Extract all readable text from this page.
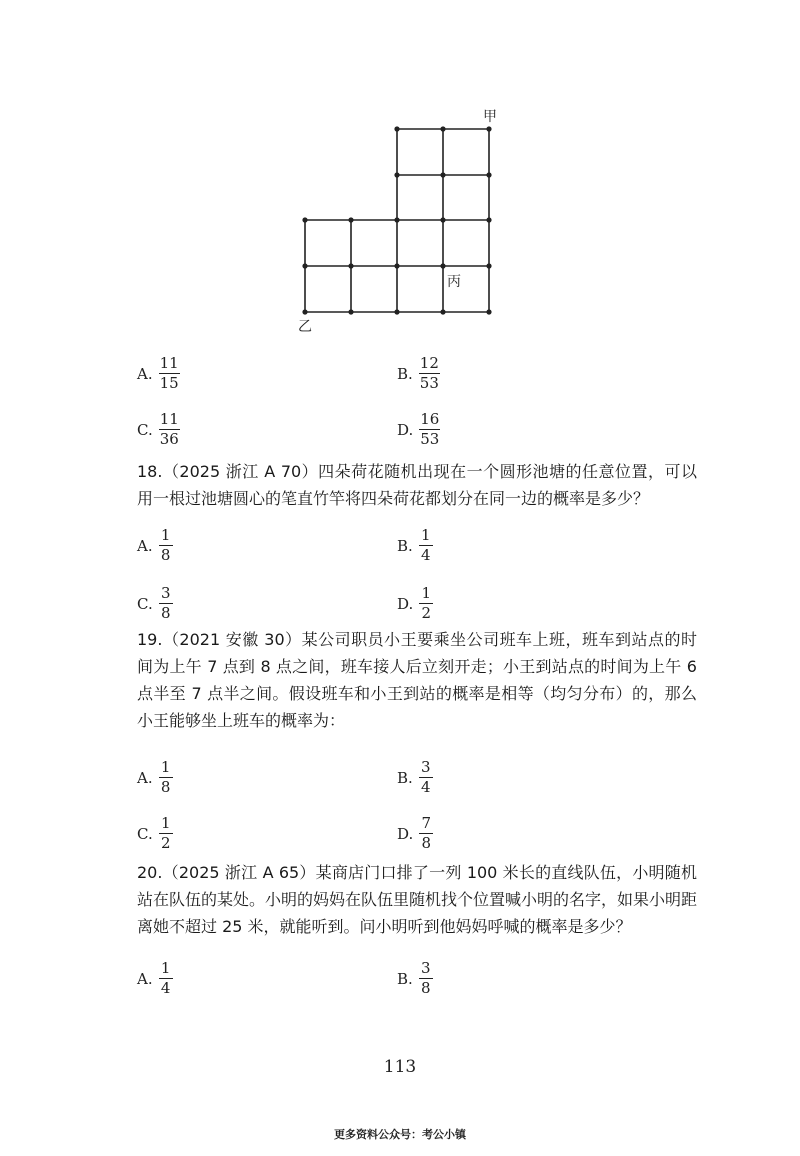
甲
乙
丙
A. $\frac{11}{15}$	B. $\frac{12}{53}$
C. $\frac{11}{36}$	D. $\frac{16}{53}$

18.（2025 浙江 A 70）四朵荷花随机出现在一个圆形池塘的任意位置，可以用一根过池塘圆心的笔直竹竿将四朵荷花都划分在同一边的概率是多少？

A. $\frac{1}{8}$	B. $\frac{1}{4}$
C. $\frac{3}{8}$	D. $\frac{1}{2}$

19.（2021 安徽 30）某公司职员小王要乘坐公司班车上班，班车到站点的时间为上午 7 点到 8 点之间，班车接人后立刻开走；小王到站点的时间为上午 6 点半至 7 点半之间。假设班车和小王到站的概率是相等（均匀分布）的，那么小王能够坐上班车的概率为：

A. $\frac{1}{8}$	B. $\frac{3}{4}$
C. $\frac{1}{2}$	D. $\frac{7}{8}$

20.（2025 浙江 A 65）某商店门口排了一列 100 米长的直线队伍，小明随机站在队伍的某处。小明的妈妈在队伍里随机找个位置喊小明的名字，如果小明距离她不超过 25 米，就能听到。问小明听到他妈妈呼喊的概率是多少？

A. $\frac{1}{4}$	B. $\frac{3}{8}$
113
更多资料公众号：考公小镇
